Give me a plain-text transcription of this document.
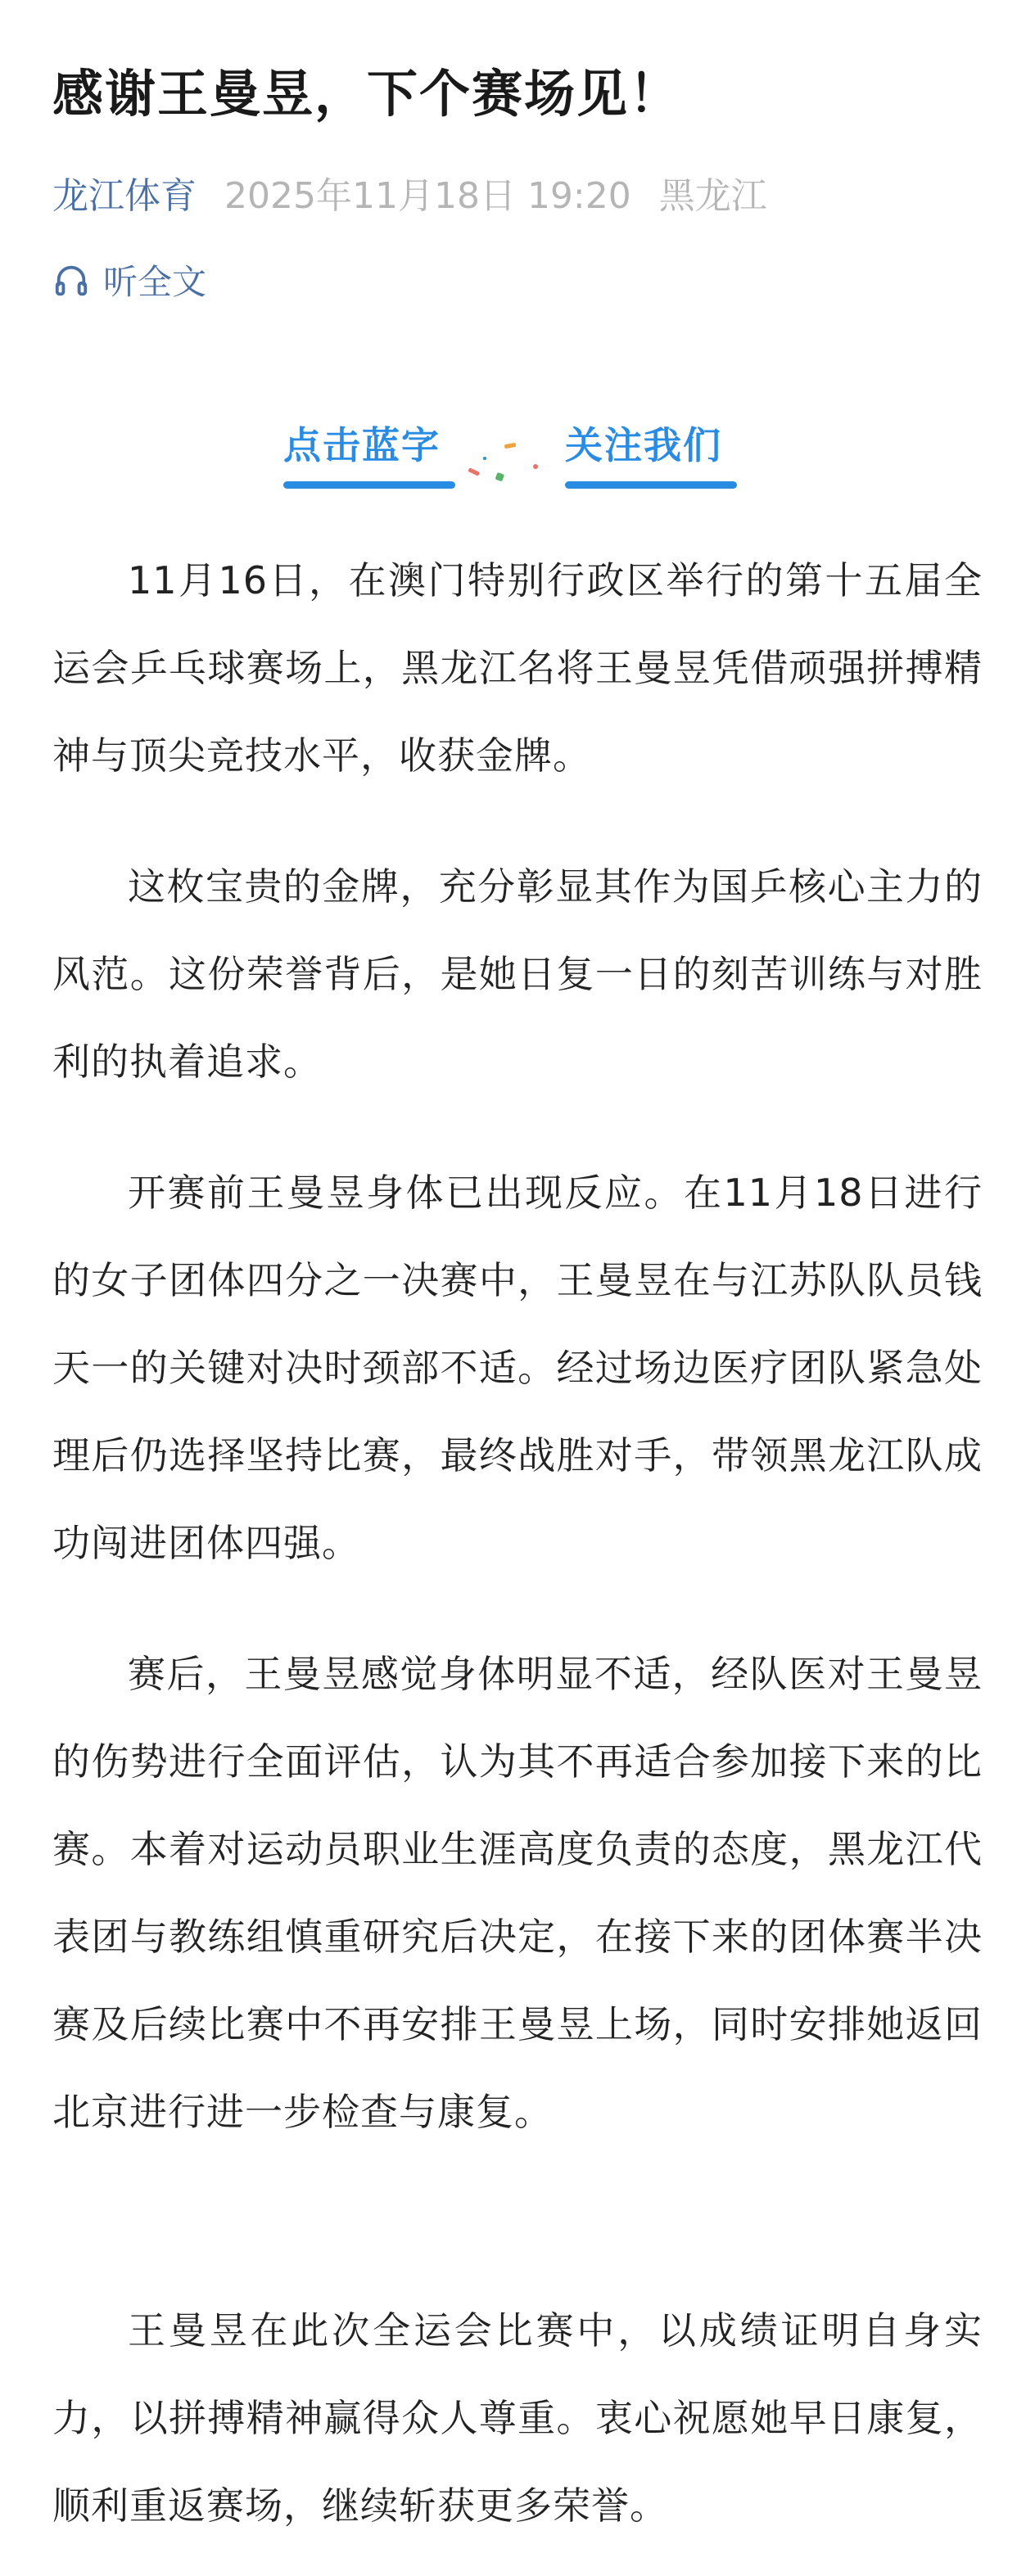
感谢王曼昱，下个赛场见！
龙江体育 2025年11月18日 19:20 黑龙江
听全文
点击蓝字	关注我们

11月16日，在澳门特别行政区举行的第十五届全运会乒乓球赛场上，黑龙江名将王曼昱凭借顽强拼搏精神与顶尖竞技水平，收获金牌。

这枚宝贵的金牌，充分彰显其作为国乒核心主力的风范。这份荣誉背后，是她日复一日的刻苦训练与对胜利的执着追求。

开赛前王曼昱身体已出现反应。在11月18日进行的女子团体四分之一决赛中，王曼昱在与江苏队队员钱天一的关键对决时颈部不适。经过场边医疗团队紧急处理后仍选择坚持比赛，最终战胜对手，带领黑龙江队成功闯进团体四强。

赛后，王曼昱感觉身体明显不适，经队医对王曼昱的伤势进行全面评估，认为其不再适合参加接下来的比赛。本着对运动员职业生涯高度负责的态度，黑龙江代表团与教练组慎重研究后决定，在接下来的团体赛半决赛及后续比赛中不再安排王曼昱上场，同时安排她返回北京进行进一步检查与康复。

王曼昱在此次全运会比赛中，以成绩证明自身实力，以拼搏精神赢得众人尊重。衷心祝愿她早日康复，顺利重返赛场，继续斩获更多荣誉。
